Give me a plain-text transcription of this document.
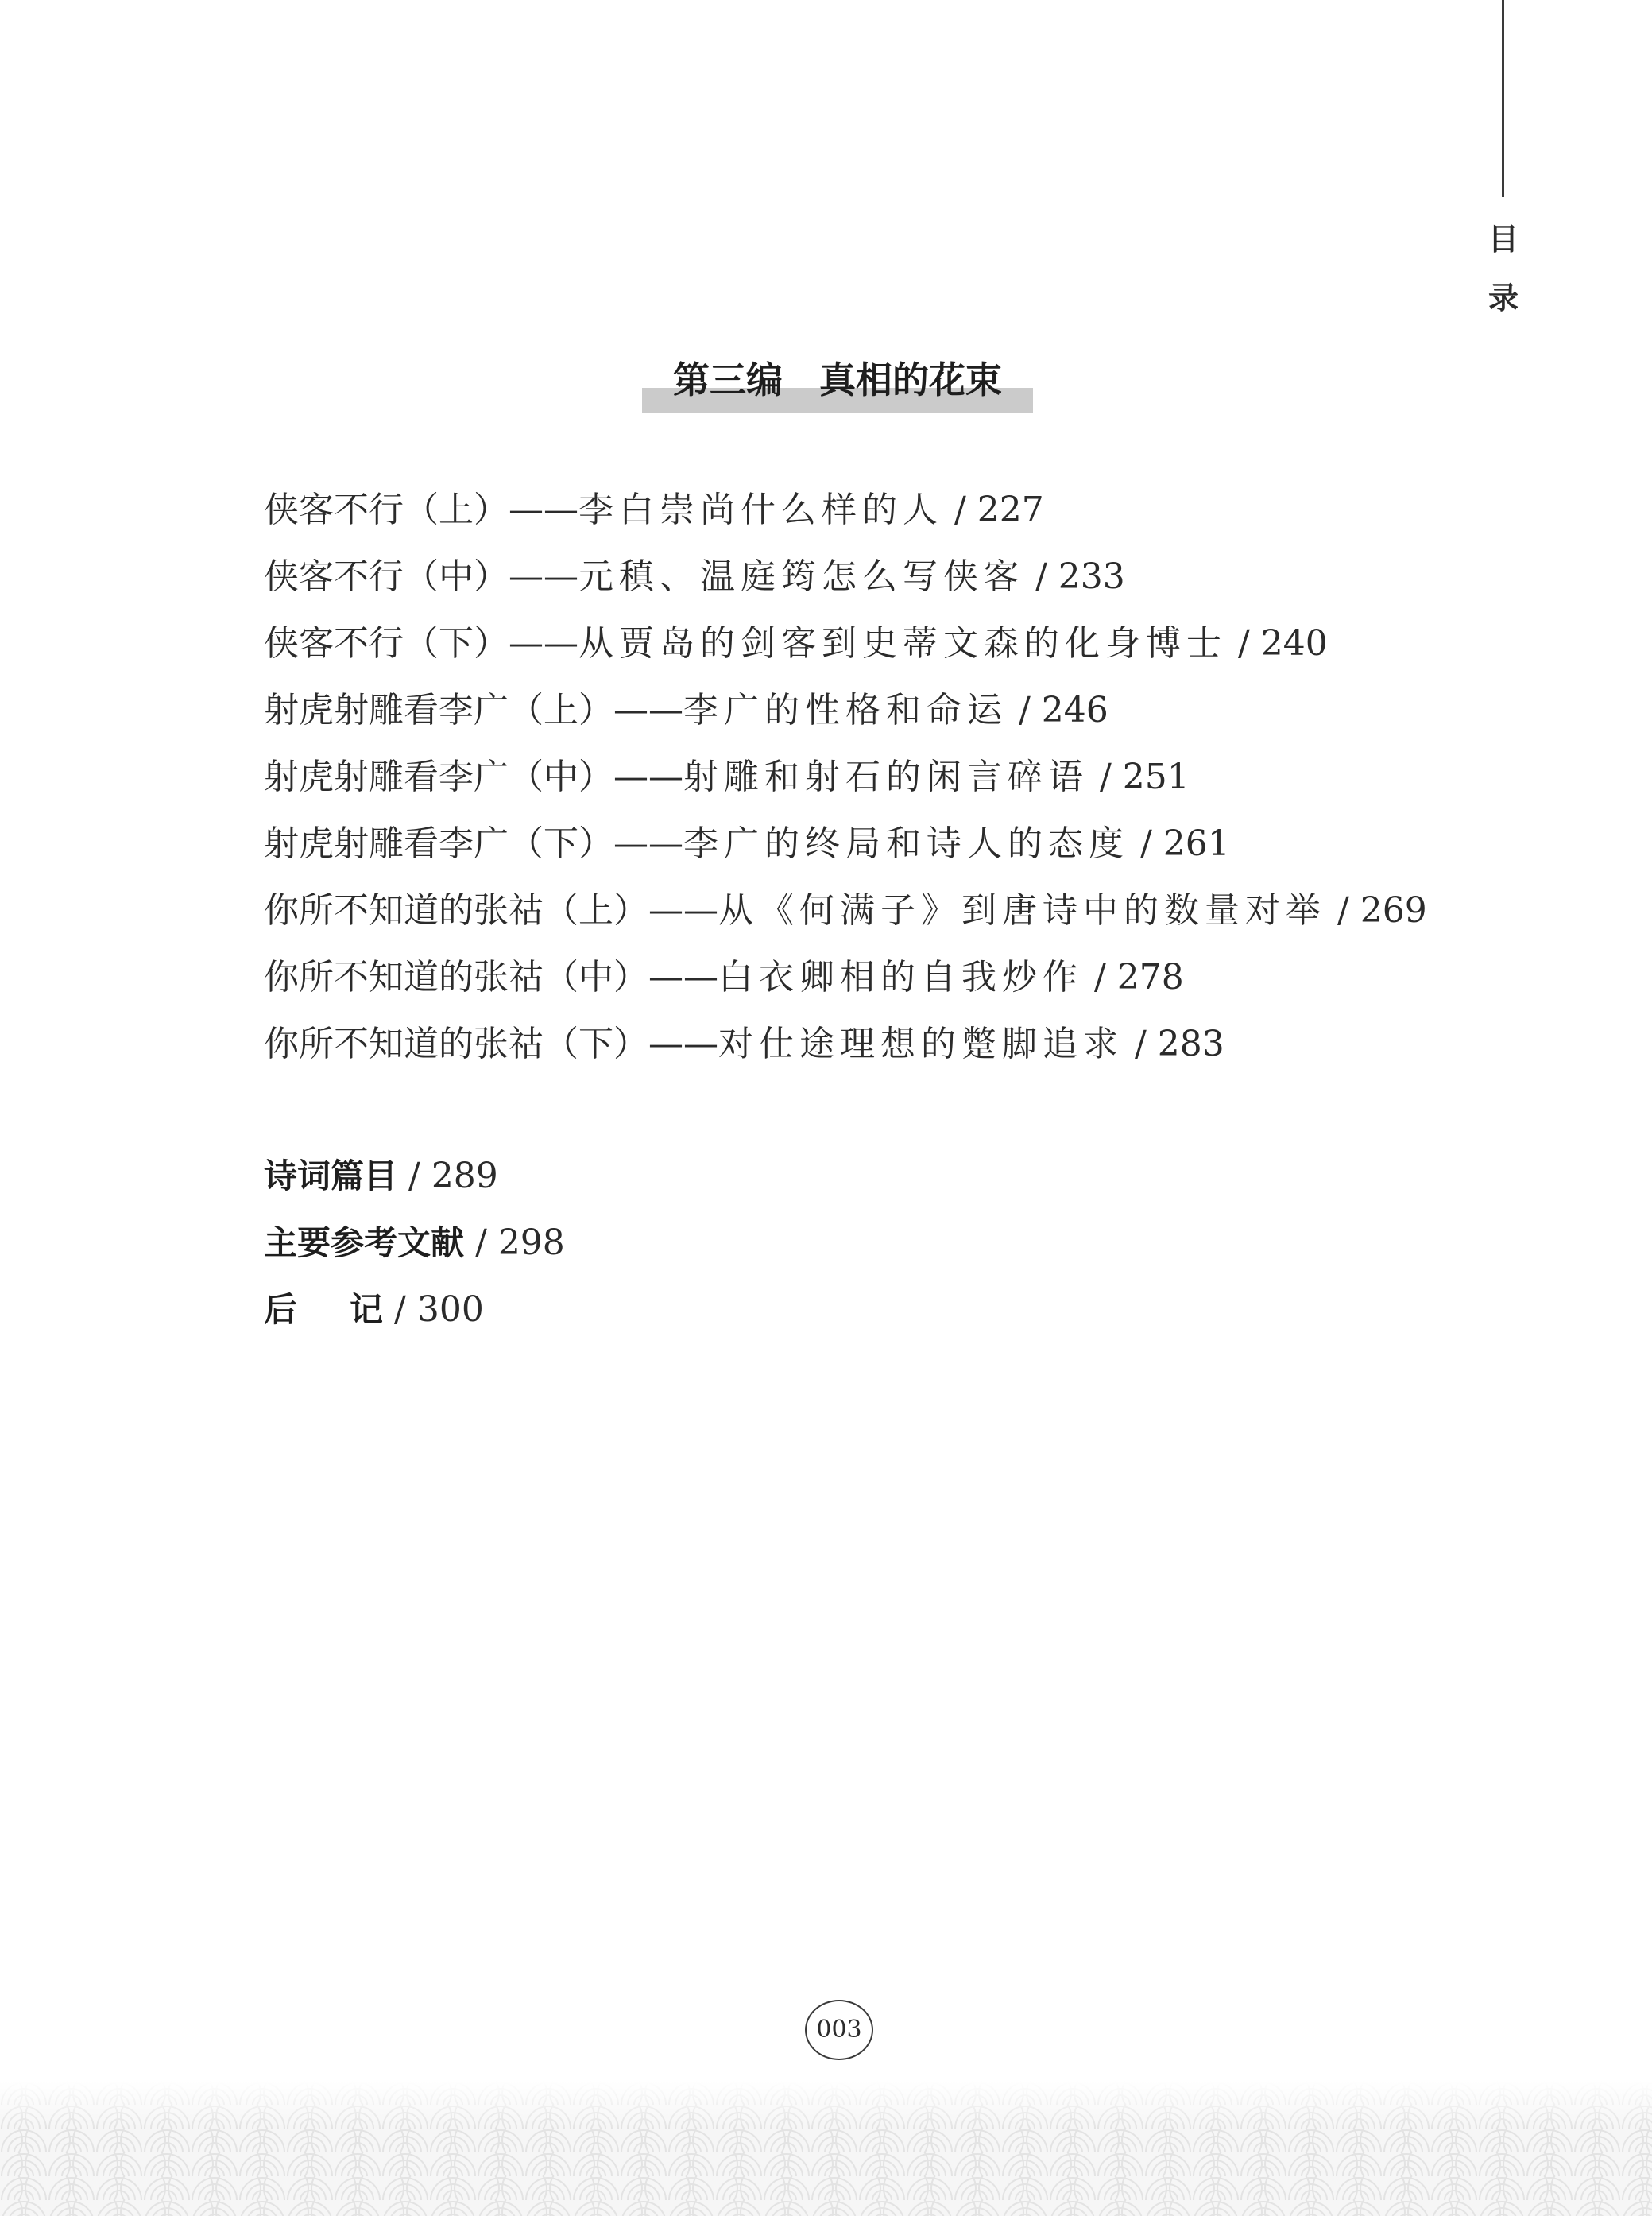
目
录
第三编　真相的花束
侠客不行（上）——李白崇尚什么样的人 / 227
侠客不行（中）——元稹、温庭筠怎么写侠客 / 233
侠客不行（下）——从贾岛的剑客到史蒂文森的化身博士 / 240
射虎射雕看李广（上）——李广的性格和命运 / 246
射虎射雕看李广（中）——射雕和射石的闲言碎语 / 251
射虎射雕看李广（下）——李广的终局和诗人的态度 / 261
你所不知道的张祜（上）——从《何满子》到唐诗中的数量对举 / 269
你所不知道的张祜（中）——白衣卿相的自我炒作 / 278
你所不知道的张祜（下）——对仕途理想的蹩脚追求 / 283
诗词篇目 / 289
主要参考文献 / 298
后 记 / 300
003
